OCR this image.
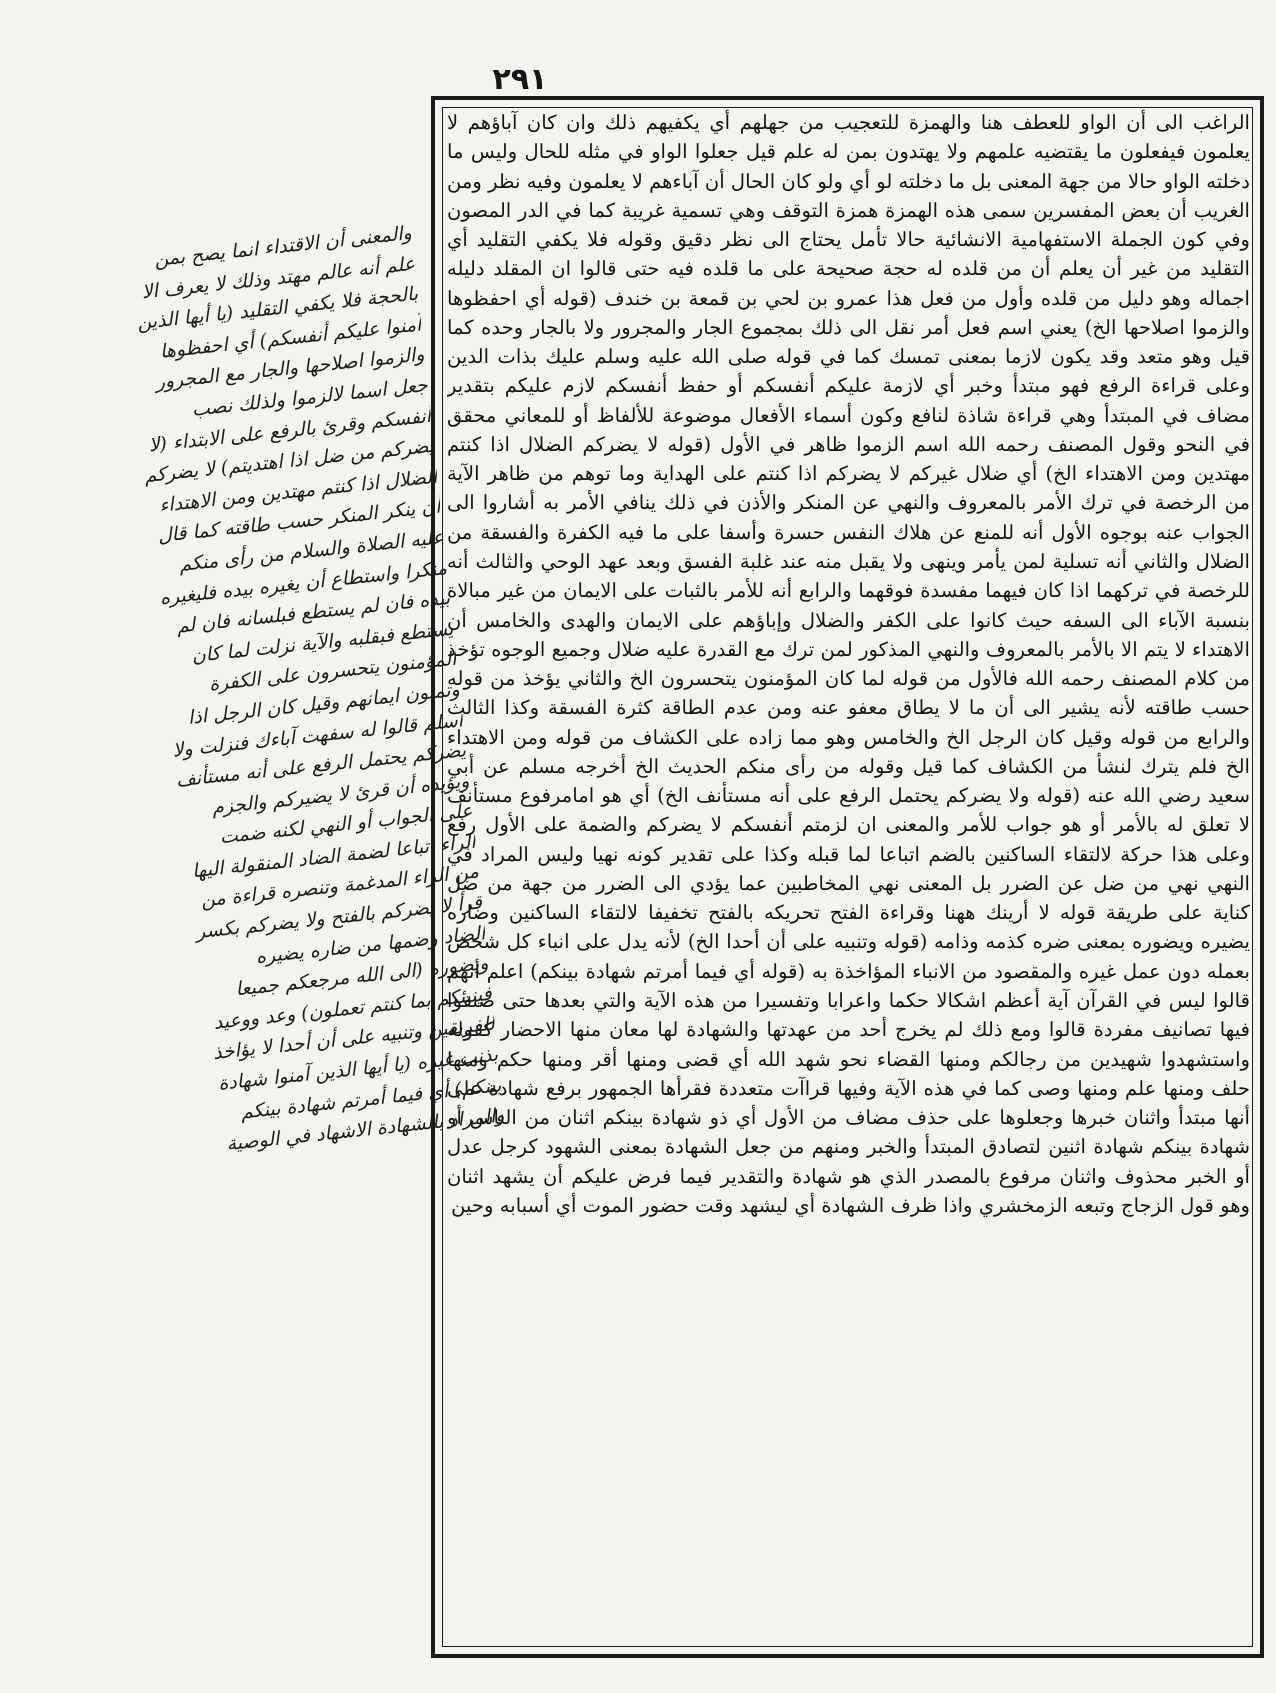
٢٩١

الراغب الى أن الواو للعطف هنا والهمزة للتعجيب من جهلهم أي يكفيهم ذلك وان كان آباؤهم لا يعلمون فيفعلون ما يقتضيه علمهم ولا يهتدون بمن له علم قيل جعلوا الواو في مثله للحال وليس ما دخلته الواو حالا من جهة المعنى بل ما دخلته لو أي ولو كان الحال أن آباءهم لا يعلمون وفيه نظر ومن الغريب أن بعض المفسرين سمى هذه الهمزة همزة التوقف وهي تسمية غريبة كما في الدر المصون وفي كون الجملة الاستفهامية الانشائية حالا تأمل يحتاج الى نظر دقيق وقوله فلا يكفي التقليد أي التقليد من غير أن يعلم أن من قلده له حجة صحيحة على ما قلده فيه حتى قالوا ان المقلد دليله اجماله وهو دليل من قلده وأول من فعل هذا عمرو بن لحي بن قمعة بن خندف (قوله أي احفظوها والزموا اصلاحها الخ) يعني اسم فعل أمر نقل الى ذلك بمجموع الجار والمجرور ولا بالجار وحده كما قيل وهو متعد وقد يكون لازما بمعنى تمسك كما في قوله صلى الله عليه وسلم عليك بذات الدين وعلى قراءة الرفع فهو مبتدأ وخبر أي لازمة عليكم أنفسكم أو حفظ أنفسكم لازم عليكم بتقدير مضاف في المبتدأ وهي قراءة شاذة لنافع وكون أسماء الأفعال موضوعة للألفاظ أو للمعاني محقق في النحو وقول المصنف رحمه الله اسم الزموا ظاهر في الأول (قوله لا يضركم الضلال اذا كنتم مهتدين ومن الاهتداء الخ) أي ضلال غيركم لا يضركم اذا كنتم على الهداية وما توهم من ظاهر الآية من الرخصة في ترك الأمر بالمعروف والنهي عن المنكر والأذن في ذلك ينافي الأمر به أشاروا الى الجواب عنه بوجوه الأول أنه للمنع عن هلاك النفس حسرة وأسفا على ما فيه الكفرة والفسقة من الضلال والثاني أنه تسلية لمن يأمر وينهى ولا يقبل منه عند غلبة الفسق وبعد عهد الوحي والثالث أنه للرخصة في تركهما اذا كان فيهما مفسدة فوقهما والرابع أنه للأمر بالثبات على الايمان من غير مبالاة بنسبة الآباء الى السفه حيث كانوا على الكفر والضلال وإباؤهم على الايمان والهدى والخامس أن الاهتداء لا يتم الا بالأمر بالمعروف والنهي المذكور لمن ترك مع القدرة عليه ضلال وجميع الوجوه تؤخذ من كلام المصنف رحمه الله فالأول من قوله لما كان المؤمنون يتحسرون الخ والثاني يؤخذ من قوله حسب طاقته لأنه يشير الى أن ما لا يطاق معفو عنه ومن عدم الطاقة كثرة الفسقة وكذا الثالث والرابع من قوله وقيل كان الرجل الخ والخامس وهو مما زاده على الكشاف من قوله ومن الاهتداء الخ فلم يترك لنشأ من الكشاف كما قيل وقوله من رأى منكم الحديث الخ أخرجه مسلم عن أبي سعيد رضي الله عنه (قوله ولا يضركم يحتمل الرفع على أنه مستأنف الخ) أي هو امامرفوع مستأنف لا تعلق له بالأمر أو هو جواب للأمر والمعنى ان لزمتم أنفسكم لا يضركم والضمة على الأول رفع وعلى هذا حركة لالتقاء الساكنين بالضم اتباعا لما قبله وكذا على تقدير كونه نهيا وليس المراد في النهي نهي من ضل عن الضرر بل المعنى نهي المخاطبين عما يؤدي الى الضرر من جهة من ضل كناية على طريقة قوله لا أرينك ههنا وقراءة الفتح تحريكه بالفتح تخفيفا لالتقاء الساكنين وضاره يضيره ويضوره بمعنى ضره كذمه وذامه (قوله وتنبيه على أن أحدا الخ) لأنه يدل على انباء كل شخص بعمله دون عمل غيره والمقصود من الانباء المؤاخذة به (قوله أي فيما أمرتم شهادة بينكم) اعلم أنهم قالوا ليس في القرآن آية أعظم اشكالا حكما واعرابا وتفسيرا من هذه الآية والتي بعدها حتى صنفوا فيها تصانيف مفردة قالوا ومع ذلك لم يخرج أحد من عهدتها والشهادة لها معان منها الاحضار كقوله واستشهدوا شهيدين من رجالكم ومنها القضاء نحو شهد الله أي قضى ومنها أقر ومنها حكم ومنها حلف ومنها علم ومنها وصى كما في هذه الآية وفيها قراآت متعددة فقرأها الجمهور برفع شهادة على أنها مبتدأ واثنان خبرها وجعلوها على حذف مضاف من الأول أي ذو شهادة بينكم اثنان من الناس أو شهادة بينكم شهادة اثنين لتصادق المبتدأ والخبر ومنهم من جعل الشهادة بمعنى الشهود كرجل عدل أو الخبر محذوف واثنان مرفوع بالمصدر الذي هو شهادة والتقدير فيما فرض عليكم أن يشهد اثنان وهو قول الزجاج وتبعه الزمخشري واذا ظرف الشهادة أي ليشهد وقت حضور الموت أي أسبابه وحين

والمعنى أن الاقتداء انما يصح بمن علم أنه عالم مهتد وذلك لا يعرف الا بالحجة فلا يكفي التقليد (يا أيها الذين آمنوا عليكم أنفسكم) أي احفظوها والزموا اصلاحها والجار مع المجرور جعل اسما لالزموا ولذلك نصب أنفسكم وقرئ بالرفع على الابتداء (لا يضركم من ضل اذا اهتديتم) لا يضركم الضلال اذا كنتم مهتدين ومن الاهتداء أن ينكر المنكر حسب طاقته كما قال عليه الصلاة والسلام من رأى منكم منكرا واستطاع أن يغيره بيده فليغيره بيده فان لم يستطع فبلسانه فان لم يستطع فبقلبه والآية نزلت لما كان المؤمنون يتحسرون على الكفرة وتمنون ايمانهم وقيل كان الرجل اذا أسلم قالوا له سفهت آباءك فنزلت ولا يضركم يحتمل الرفع على أنه مستأنف ويؤيده أن قرئ لا يضيركم والجزم على الجواب أو النهي لكنه ضمت الراء اتباعا لضمة الضاد المنقولة اليها من الراء المدغمة وتنصره قراءة من قرأ لا يضركم بالفتح ولا يضركم بكسر الضاد وضمها من ضاره يضيره ويضوره (الى الله مرجعكم جميعا فينبئكم بما كنتم تعملون) وعد ووعيد للفريقين وتنبيه على أن أحدا لا يؤاخذ بذنب غيره (يا أيها الذين آمنوا شهادة بينكم) أي فيما أمرتم شهادة بينكم والمراد بالشهادة الاشهاد في الوصية
